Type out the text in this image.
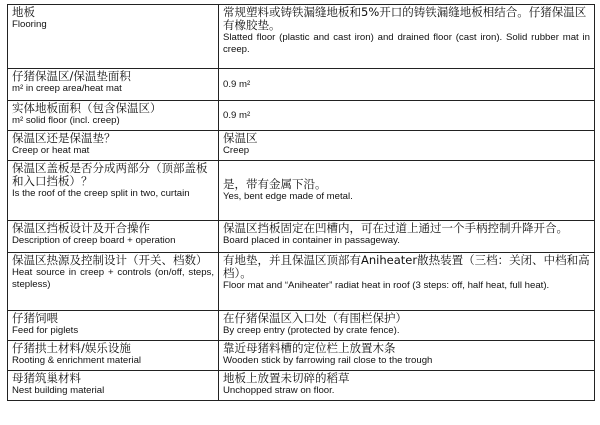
地板
Flooring	常规塑料或铸铁漏缝地板和5%开口的铸铁漏缝地板相结合。仔猪保温区有橡胶垫。
Slatted floor (plastic and cast iron) and drained floor (cast iron). Solid rubber mat in creep.

仔猪保温区/保温垫面积
m² in creep area/heat mat	0.9 m²

实体地板面积（包含保温区）
m² solid floor (incl. creep)	0.9 m²

保温区还是保温垫？
Creep or heat mat	保温区
Creep

保温区盖板是否分成两部分（顶部盖板和入口挡板）？
Is the roof of the creep split in two, curtain	是，带有金属下沿。
Yes, bent edge made of metal.

保温区挡板设计及开合操作
Description of creep board + operation	保温区挡板固定在凹槽内，可在过道上通过一个手柄控制升降开合。
Board placed in container in passageway.

保温区热源及控制设计（开关、档数）
Heat source in creep + controls (on/off, steps, stepless)	有地垫，并且保温区顶部有Aniheater散热装置（三档：关闭、中档和高档）。
Floor mat and “Aniheater” radiat heat in roof (3 steps: off, half heat, full heat).

仔猪饲喂
Feed for piglets	在仔猪保温区入口处（有围栏保护）
By creep entry (protected by crate fence).

仔猪拱土材料/娱乐设施
Rooting & enrichment material	靠近母猪料槽的定位栏上放置木条
Wooden stick by farrowing rail close to the trough

母猪筑巢材料
Nest building material	地板上放置未切碎的稻草
Unchopped straw on floor.
